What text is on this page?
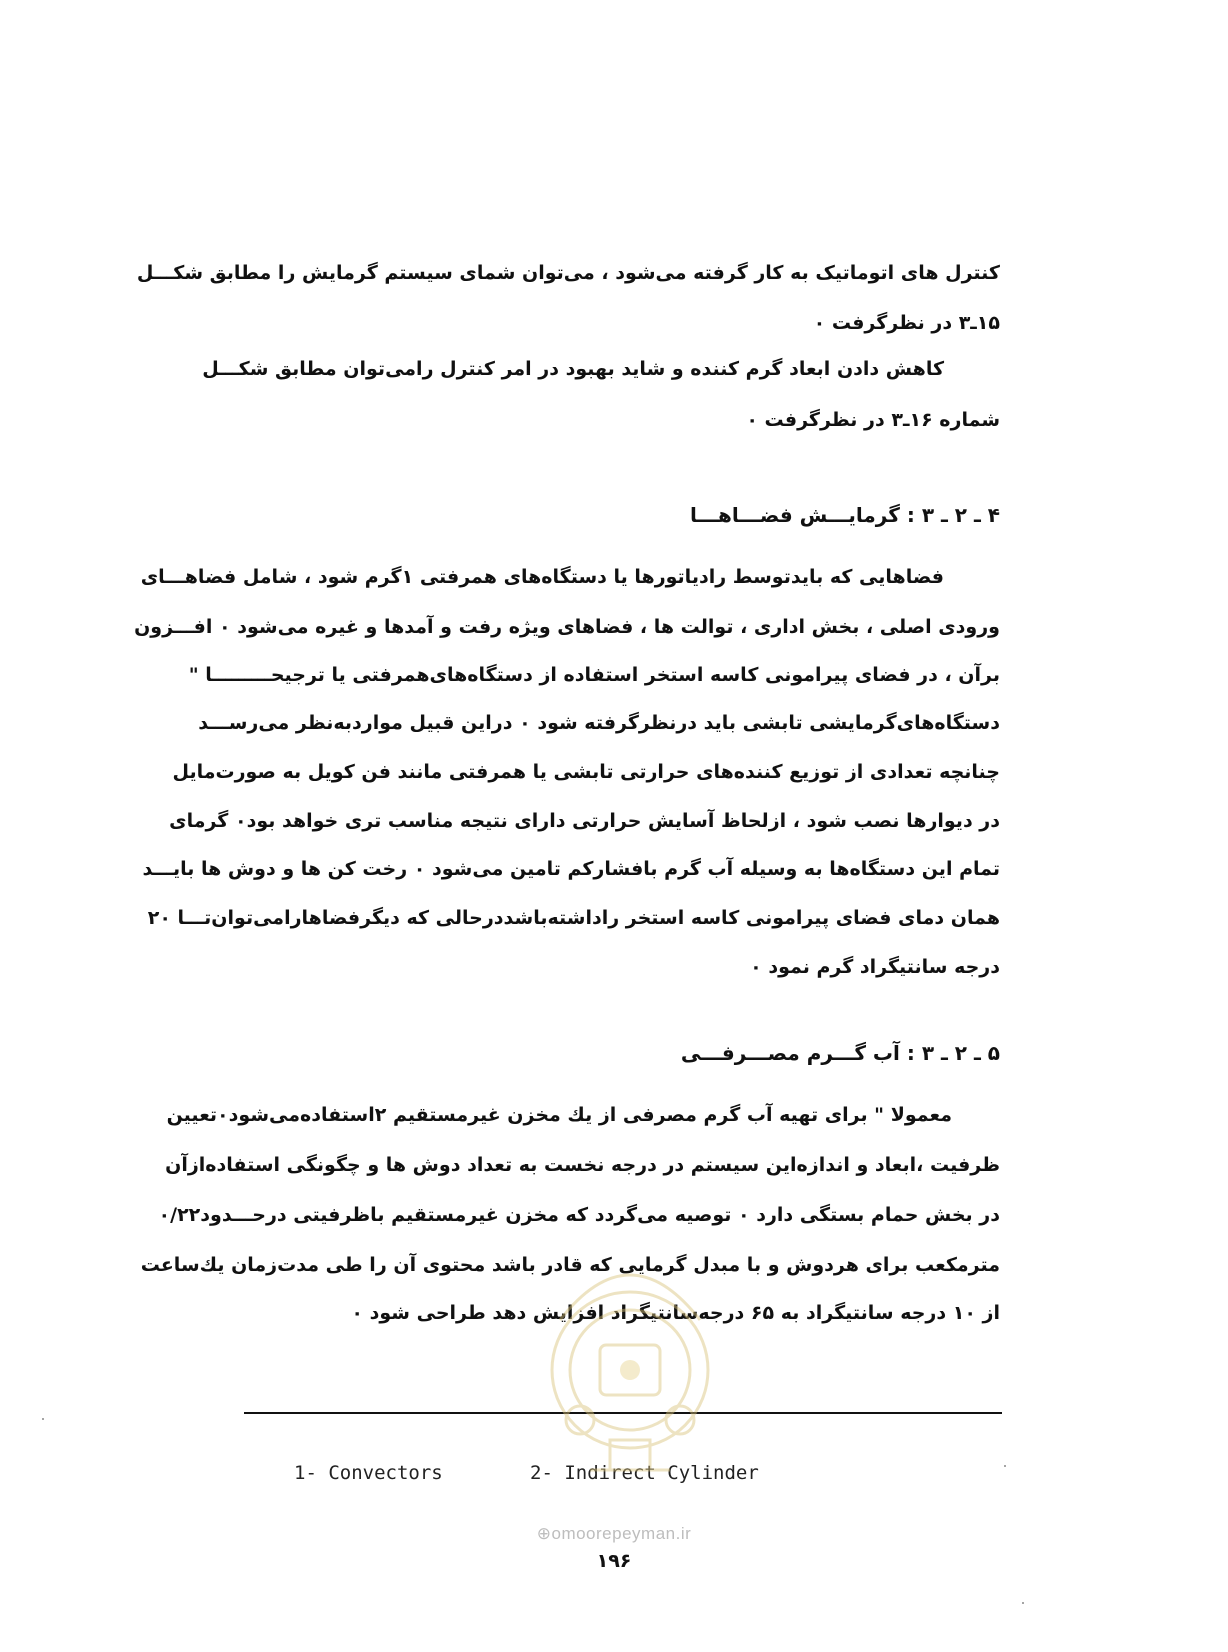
کنترل های اتوماتیک به کار گرفته می‌شود ، می‌توان شمای سیستم گرمایش را مطابق شکـــل
۱۵ـ۳ در نظرگرفت ۰
کاهش دادن ابعاد گرم کننده و شاید بهبود در امر کنترل رامی‌توان مطابق شکـــل
شماره ۱۶ـ۳ در نظرگرفت ۰
۴ ـ ۲ ـ ۳ : گرمایـــش فضـــاهـــا
فضاهایی که بایدتوسط رادیاتورها یا دستگاه‌های همرفتی ۱گرم شود ، شامل فضاهـــای
ورودی اصلی ، بخش اداری ، توالت ها ، فضاهای ویژه رفت و آمدها و غیره می‌شود ۰ افـــزون
برآن ، در فضای پیرامونی کاسه استخر استفاده از دستگاه‌های‌همرفتی یا ترجیحـــــــــا "
دستگاه‌های‌گرمایشی تابشی باید درنظرگرفته شود ۰ دراین قبیل مواردبه‌نظر می‌رســـد
چنانچه تعدادی از توزیع کننده‌های حرارتی تابشی یا همرفتی مانند فن کویل به صورت‌مایل
در دیوارها نصب شود ، ازلحاظ آسایش حرارتی دارای نتیجه مناسب تری خواهد بود۰ گرمای
تمام این دستگاه‌ها به وسیله آب گرم بافشارکم تامین می‌شود ۰ رخت کن ها و دوش ها بایـــد
همان دمای فضای پیرامونی کاسه استخر راداشته‌باشددرحالی که دیگرفضاهارامی‌توان‌تـــا ۲۰
درجه سانتیگراد گرم نمود ۰
۵ ـ ۲ ـ ۳ : آب گـــرم مصـــرفـــی
معمولا " برای تهیه آب گرم مصرفی از یك مخزن غیرمستقیم ۲استفاده‌می‌شود۰تعیین
ظرفیت ،ابعاد و اندازه‌این سیستم در درجه نخست به تعداد دوش ها و چگونگی استفاده‌ازآن
در بخش حمام بستگی دارد ۰ توصیه می‌گردد که مخزن غیرمستقیم باظرفیتی درحـــدود۰/۲۲
مترمکعب برای هردوش و با مبدل گرمایی که قادر باشد محتوی آن را طی مدت‌زمان یك‌ساعت
از ۱۰ درجه سانتیگراد به ۶۵ درجه‌سانتیگراد افزایش دهد طراحی شود ۰
1- Convectors	2- Indirect Cylinder
⊕omoorepeyman.ir
۱۹۶
